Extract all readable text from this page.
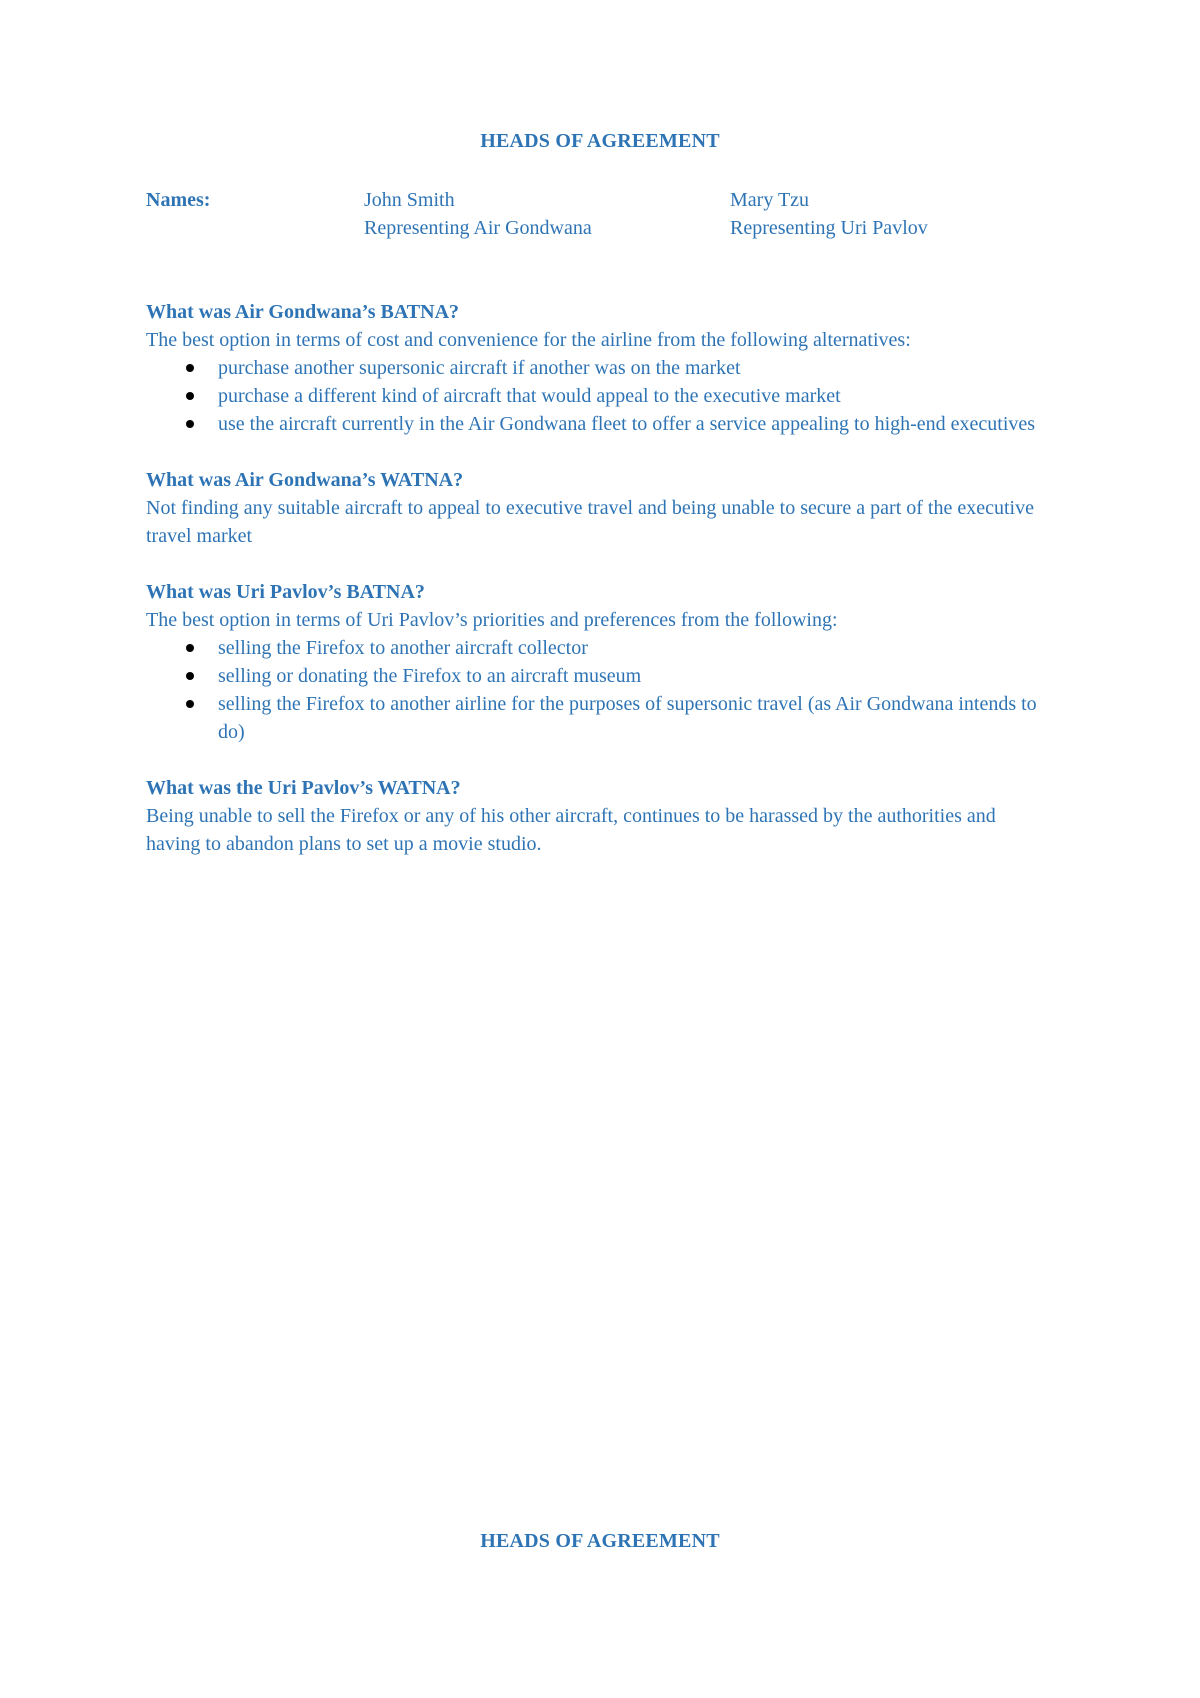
HEADS OF AGREEMENT
Names:	John Smith
Representing Air Gondwana
Mary Tzu
Representing Uri Pavlov

What was Air Gondwana’s BATNA?

The best option in terms of cost and convenience for the airline from the following alternatives:

purchase another supersonic aircraft if another was on the market
purchase a different kind of aircraft that would appeal to the executive market
use the aircraft currently in the Air Gondwana fleet to offer a service appealing to high-end executives

What was Air Gondwana’s WATNA?

Not finding any suitable aircraft to appeal to executive travel and being unable to secure a part of the executive travel market

What was Uri Pavlov’s BATNA?

The best option in terms of Uri Pavlov’s priorities and preferences from the following:

selling the Firefox to another aircraft collector
selling or donating the Firefox to an aircraft museum
selling the Firefox to another airline for the purposes of supersonic travel (as Air Gondwana intends to do)

What was the Uri Pavlov’s WATNA?

Being unable to sell the Firefox or any of his other aircraft, continues to be harassed by the authorities and having to abandon plans to set up a movie studio.

HEADS OF AGREEMENT
